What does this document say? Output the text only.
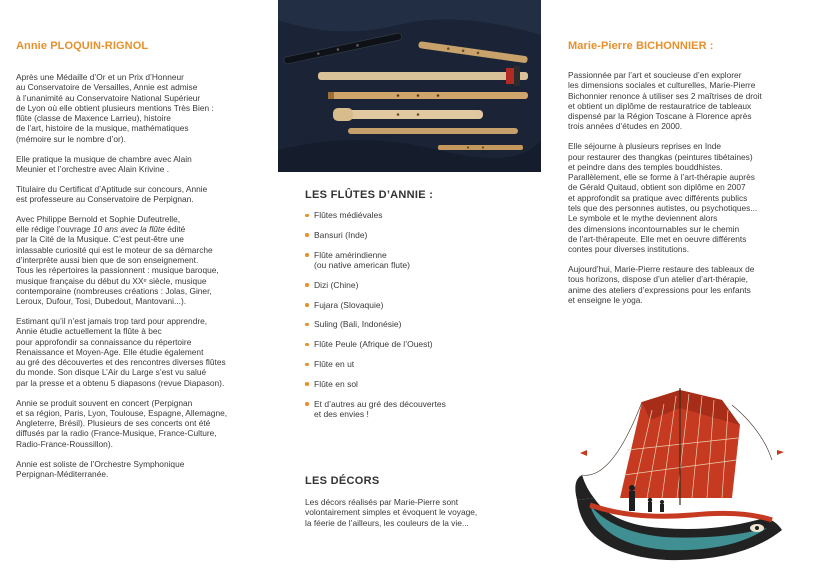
Annie PLOQUIN-RIGNOL

Après une Médaille d’Or et un Prix d’Honneur
au Conservatoire de Versailles, Annie est admise
à l’unanimité au Conservatoire National Supérieur
de Lyon où elle obtient plusieurs mentions Très Bien :
flûte (classe de Maxence Larrieu), histoire
de l’art, histoire de la musique, mathématiques
(mémoire sur le nombre d’or).

Elle pratique la musique de chambre avec Alain
Meunier et l’orchestre avec Alain Krivine .

Titulaire du Certificat d’Aptitude sur concours, Annie
est professeure au Conservatoire de Perpignan.

Avec Philippe Bernold et Sophie Dufeutrelle,
elle rédige l’ouvrage 10 ans avec la flûte édité
par la Cité de la Musique. C’est peut-être une
inlassable curiosité qui est le moteur de sa démarche
d’interprète aussi bien que de son enseignement.
Tous les répertoires la passionnent : musique baroque,
musique française du début du XXᵉ siècle, musique
contemporaine (nombreuses créations : Jolas, Giner,
Leroux, Dufour, Tosi, Dubedout, Mantovani...).

Estimant qu’il n’est jamais trop tard pour apprendre,
Annie étudie actuellement la flûte à bec
pour approfondir sa connaissance du répertoire
Renaissance et Moyen-Age. Elle étudie également
au gré des découvertes et des rencontres diverses flûtes
du monde. Son disque L’Air du Large s’est vu salué
par la presse et a obtenu 5 diapasons (revue Diapason).

Annie se produit souvent en concert (Perpignan
et sa région, Paris, Lyon, Toulouse, Espagne, Allemagne,
Angleterre, Brésil). Plusieurs de ses concerts ont été
diffusés par la radio (France-Musique, France-Culture,
Radio-France-Roussillon).

Annie est soliste de l’Orchestre Symphonique
Perpignan-Méditerranée.

LES FLÛTES D’ANNIE :
Flûtes médiévales
Bansuri (Inde)
Flûte amérindienne
(ou native american flute)
Dizi (Chine)
Fujara (Slovaquie)
Suling (Bali, Indonésie)
Flûte Peule (Afrique de l’Ouest)
Flûte en ut
Flûte en sol
Et d’autres au gré des découvertes
et des envies !
LES DÉCORS

Les décors réalisés par Marie-Pierre sont
volontairement simples et évoquent le voyage,
la féerie de l’ailleurs, les couleurs de la vie...

Marie-Pierre BICHONNIER :

Passionnée par l’art et soucieuse d’en explorer
les dimensions sociales et culturelles, Marie-Pierre
Bichonnier renonce à utiliser ses 2 maîtrises de droit
et obtient un diplôme de restauratrice de tableaux
dispensé par la Région Toscane à Florence après
trois années d’études en 2000.

Elle séjourne à plusieurs reprises en Inde
pour restaurer des thangkas (peintures tibétaines)
et peindre dans des temples bouddhistes.
Parallèlement, elle se forme à l’art-thérapie auprès
de Gérald Quitaud, obtient son diplôme en 2007
et approfondit sa pratique avec différents publics
tels que des personnes autistes, ou psychotiques...
Le symbole et le mythe deviennent alors
des dimensions incontournables sur le chemin
de l’art-thérapeute. Elle met en oeuvre différents
contes pour diverses institutions.

Aujourd’hui, Marie-Pierre restaure des tableaux de
tous horizons, dispose d’un atelier d’art-thérapie,
anime des ateliers d’expressions pour les enfants
et enseigne le yoga.
